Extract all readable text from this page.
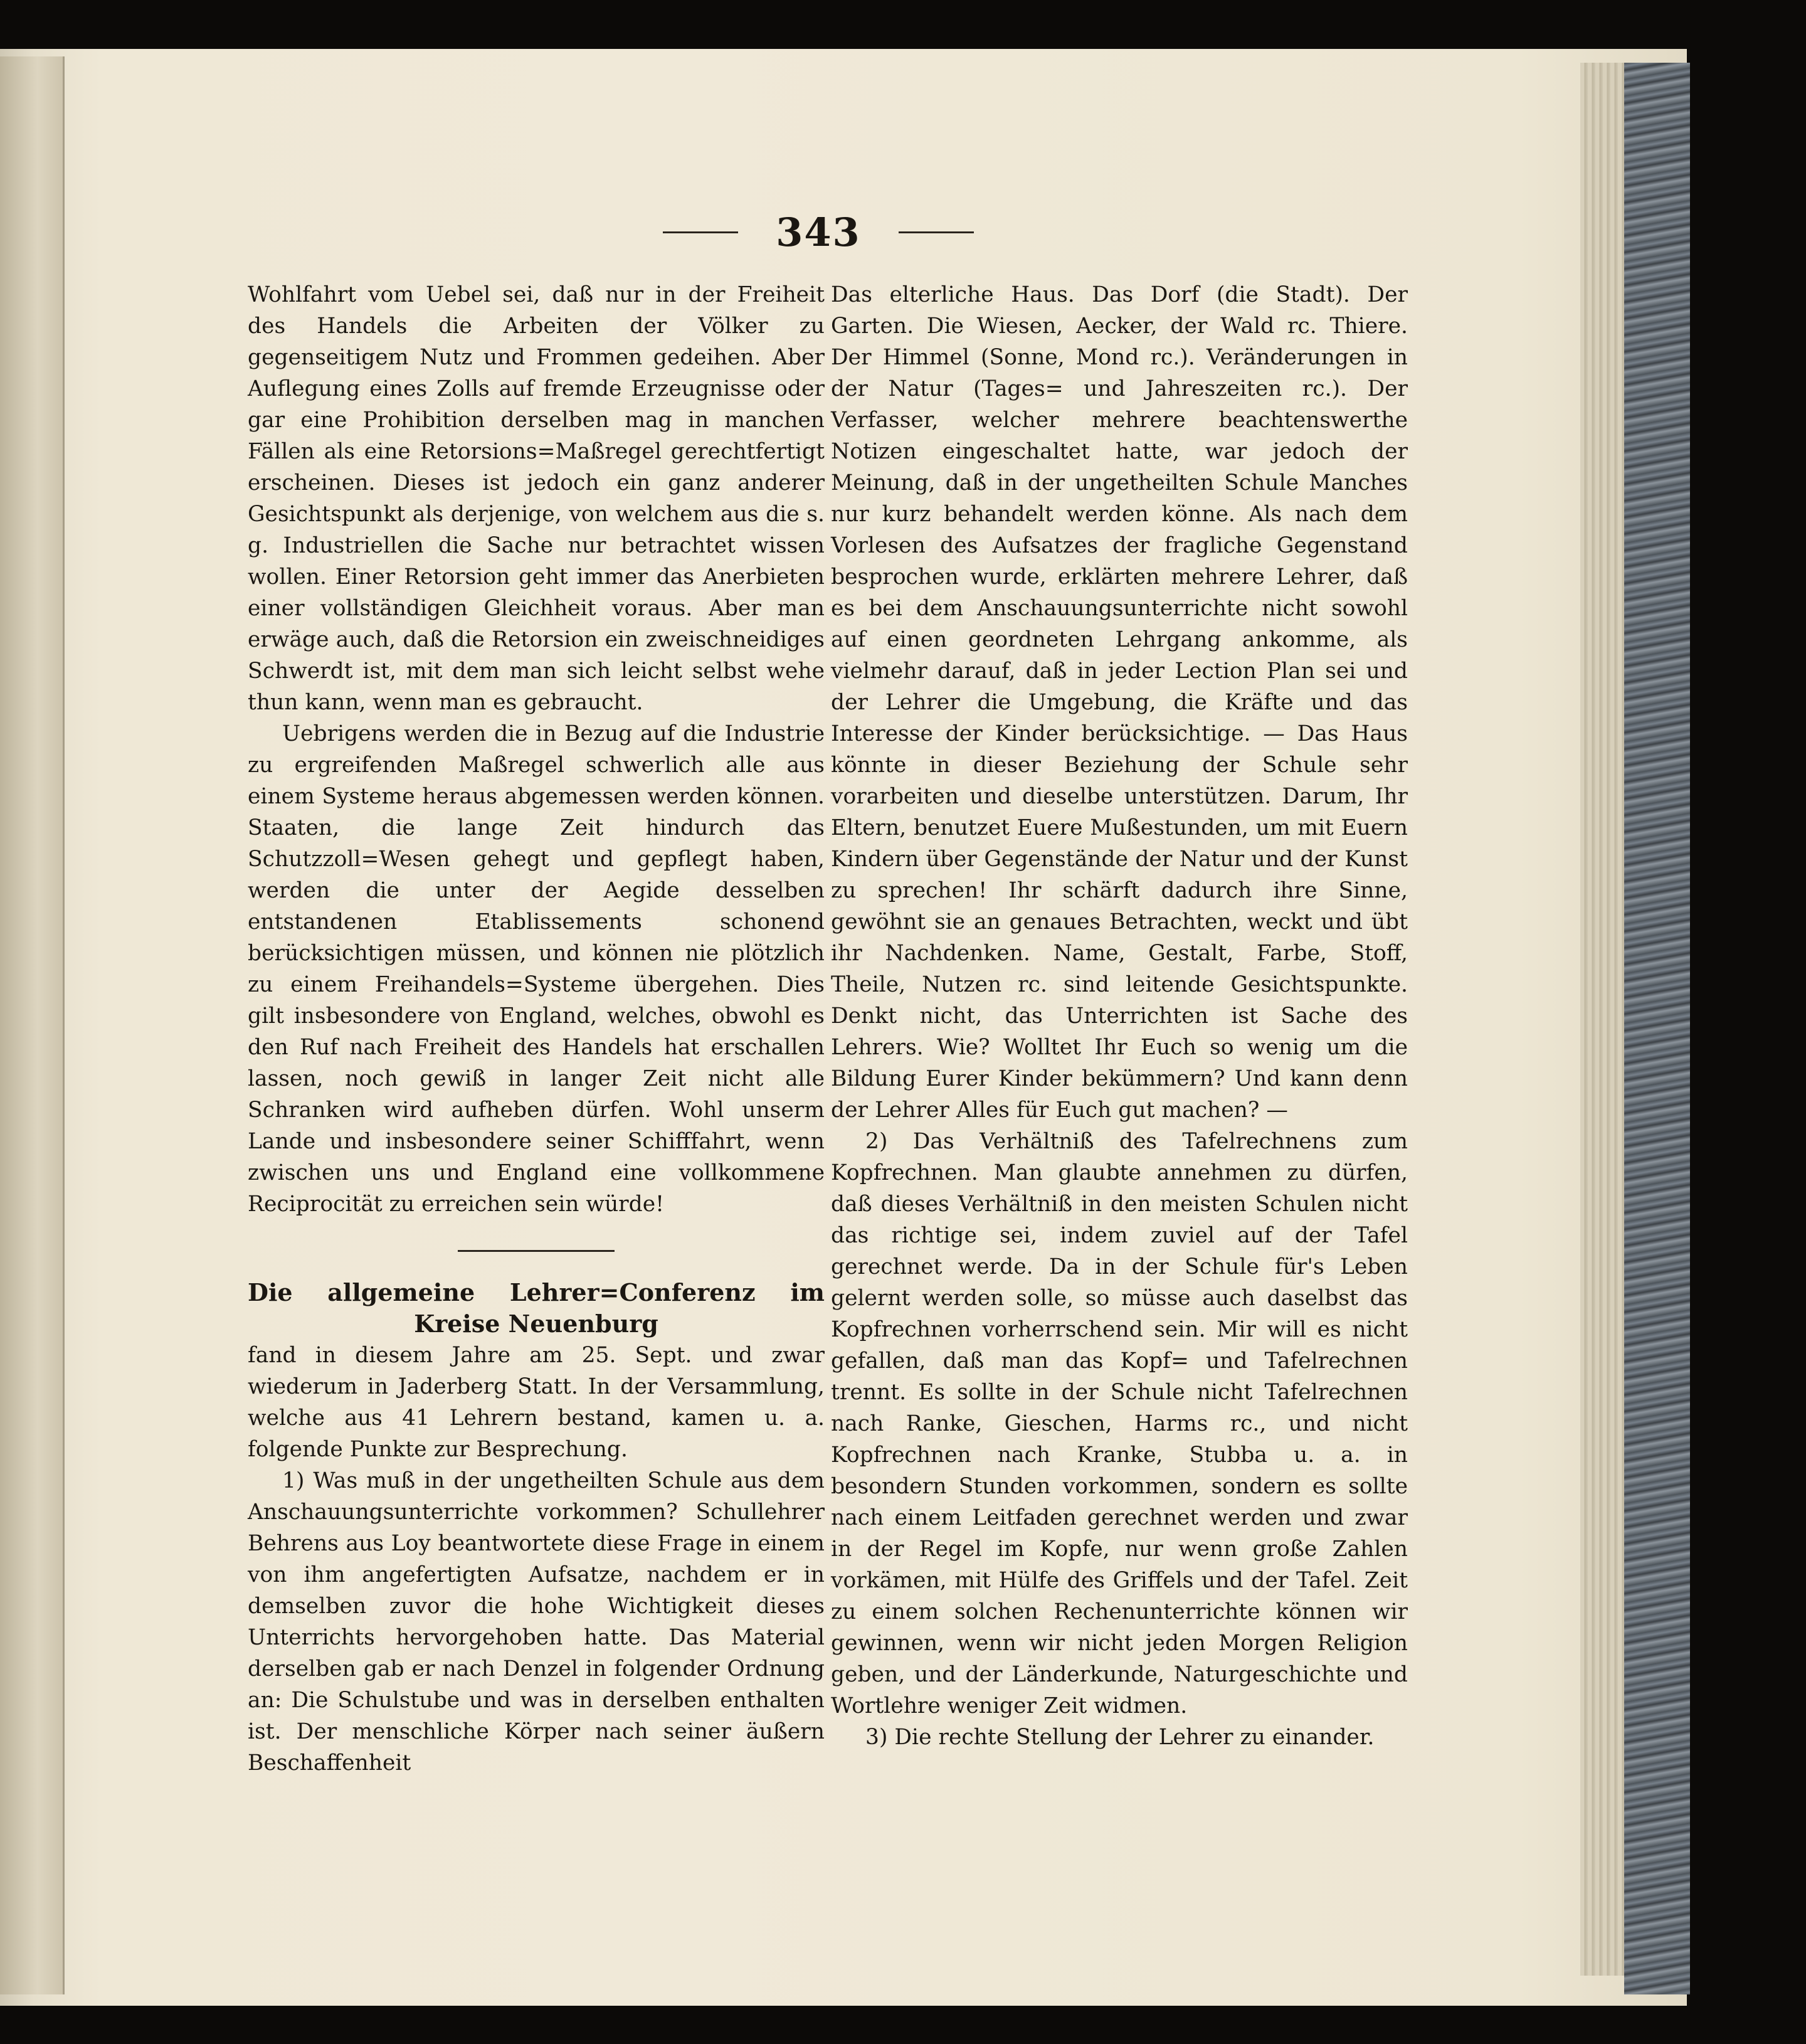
343

Wohlfahrt vom Uebel sei, daß nur in der Freiheit des Handels die Arbeiten der Völker zu gegenseitigem Nutz und Frommen gedeihen. Aber Auflegung eines Zolls auf fremde Erzeugnisse oder gar eine Prohibition derselben mag in manchen Fällen als eine Retorsions=Maßregel gerechtfertigt erscheinen. Dieses ist jedoch ein ganz anderer Gesichtspunkt als derjenige, von welchem aus die s. g. Industriellen die Sache nur betrachtet wissen wollen. Einer Retorsion geht immer das Anerbieten einer vollständigen Gleichheit voraus. Aber man erwäge auch, daß die Retorsion ein zweischneidiges Schwerdt ist, mit dem man sich leicht selbst wehe thun kann, wenn man es gebraucht.

Uebrigens werden die in Bezug auf die Industrie zu ergreifenden Maßregel schwerlich alle aus einem Systeme heraus abgemessen werden können. Staaten, die lange Zeit hindurch das Schutzzoll=Wesen gehegt und gepflegt haben, werden die unter der Aegide desselben entstandenen Etablissements schonend berücksichtigen müssen, und können nie plötzlich zu einem Freihandels=Systeme übergehen. Dies gilt insbesondere von England, welches, obwohl es den Ruf nach Freiheit des Handels hat erschallen lassen, noch gewiß in langer Zeit nicht alle Schranken wird aufheben dürfen. Wohl unserm Lande und insbesondere seiner Schifffahrt, wenn zwischen uns und England eine vollkommene Reciprocität zu erreichen sein würde!

Die allgemeine Lehrer=Conferenz im Kreise Neuenburg

fand in diesem Jahre am 25. Sept. und zwar wiederum in Jaderberg Statt. In der Versammlung, welche aus 41 Lehrern bestand, kamen u. a. folgende Punkte zur Besprechung.

1) Was muß in der ungetheilten Schule aus dem Anschauungsunterrichte vorkommen? Schullehrer Behrens aus Loy beantwortete diese Frage in einem von ihm angefertigten Aufsatze, nachdem er in demselben zuvor die hohe Wichtigkeit dieses Unterrichts hervorgehoben hatte. Das Material derselben gab er nach Denzel in folgender Ordnung an: Die Schulstube und was in derselben enthalten ist. Der menschliche Körper nach seiner äußern Beschaffenheit

Das elterliche Haus. Das Dorf (die Stadt). Der Garten. Die Wiesen, Aecker, der Wald rc. Thiere. Der Himmel (Sonne, Mond rc.). Veränderungen in der Natur (Tages= und Jahreszeiten rc.). Der Verfasser, welcher mehrere beachtenswerthe Notizen eingeschaltet hatte, war jedoch der Meinung, daß in der ungetheilten Schule Manches nur kurz behandelt werden könne. Als nach dem Vorlesen des Aufsatzes der fragliche Gegenstand besprochen wurde, erklärten mehrere Lehrer, daß es bei dem Anschauungsunterrichte nicht sowohl auf einen geordneten Lehrgang ankomme, als vielmehr darauf, daß in jeder Lection Plan sei und der Lehrer die Umgebung, die Kräfte und das Interesse der Kinder berücksichtige. — Das Haus könnte in dieser Beziehung der Schule sehr vorarbeiten und dieselbe unterstützen. Darum, Ihr Eltern, benutzet Euere Mußestunden, um mit Euern Kindern über Gegenstände der Natur und der Kunst zu sprechen! Ihr schärft dadurch ihre Sinne, gewöhnt sie an genaues Betrachten, weckt und übt ihr Nachdenken. Name, Gestalt, Farbe, Stoff, Theile, Nutzen rc. sind leitende Gesichtspunkte. Denkt nicht, das Unterrichten ist Sache des Lehrers. Wie? Wolltet Ihr Euch so wenig um die Bildung Eurer Kinder bekümmern? Und kann denn der Lehrer Alles für Euch gut machen? —

2) Das Verhältniß des Tafelrechnens zum Kopfrechnen. Man glaubte annehmen zu dürfen, daß dieses Verhältniß in den meisten Schulen nicht das richtige sei, indem zuviel auf der Tafel gerechnet werde. Da in der Schule für's Leben gelernt werden solle, so müsse auch daselbst das Kopfrechnen vorherrschend sein. Mir will es nicht gefallen, daß man das Kopf= und Tafelrechnen trennt. Es sollte in der Schule nicht Tafelrechnen nach Ranke, Gieschen, Harms rc., und nicht Kopfrechnen nach Kranke, Stubba u. a. in besondern Stunden vorkommen, sondern es sollte nach einem Leitfaden gerechnet werden und zwar in der Regel im Kopfe, nur wenn große Zahlen vorkämen, mit Hülfe des Griffels und der Tafel. Zeit zu einem solchen Rechenunterrichte können wir gewinnen, wenn wir nicht jeden Morgen Religion geben, und der Länderkunde, Naturgeschichte und Wortlehre weniger Zeit widmen.

3) Die rechte Stellung der Lehrer zu einander.
